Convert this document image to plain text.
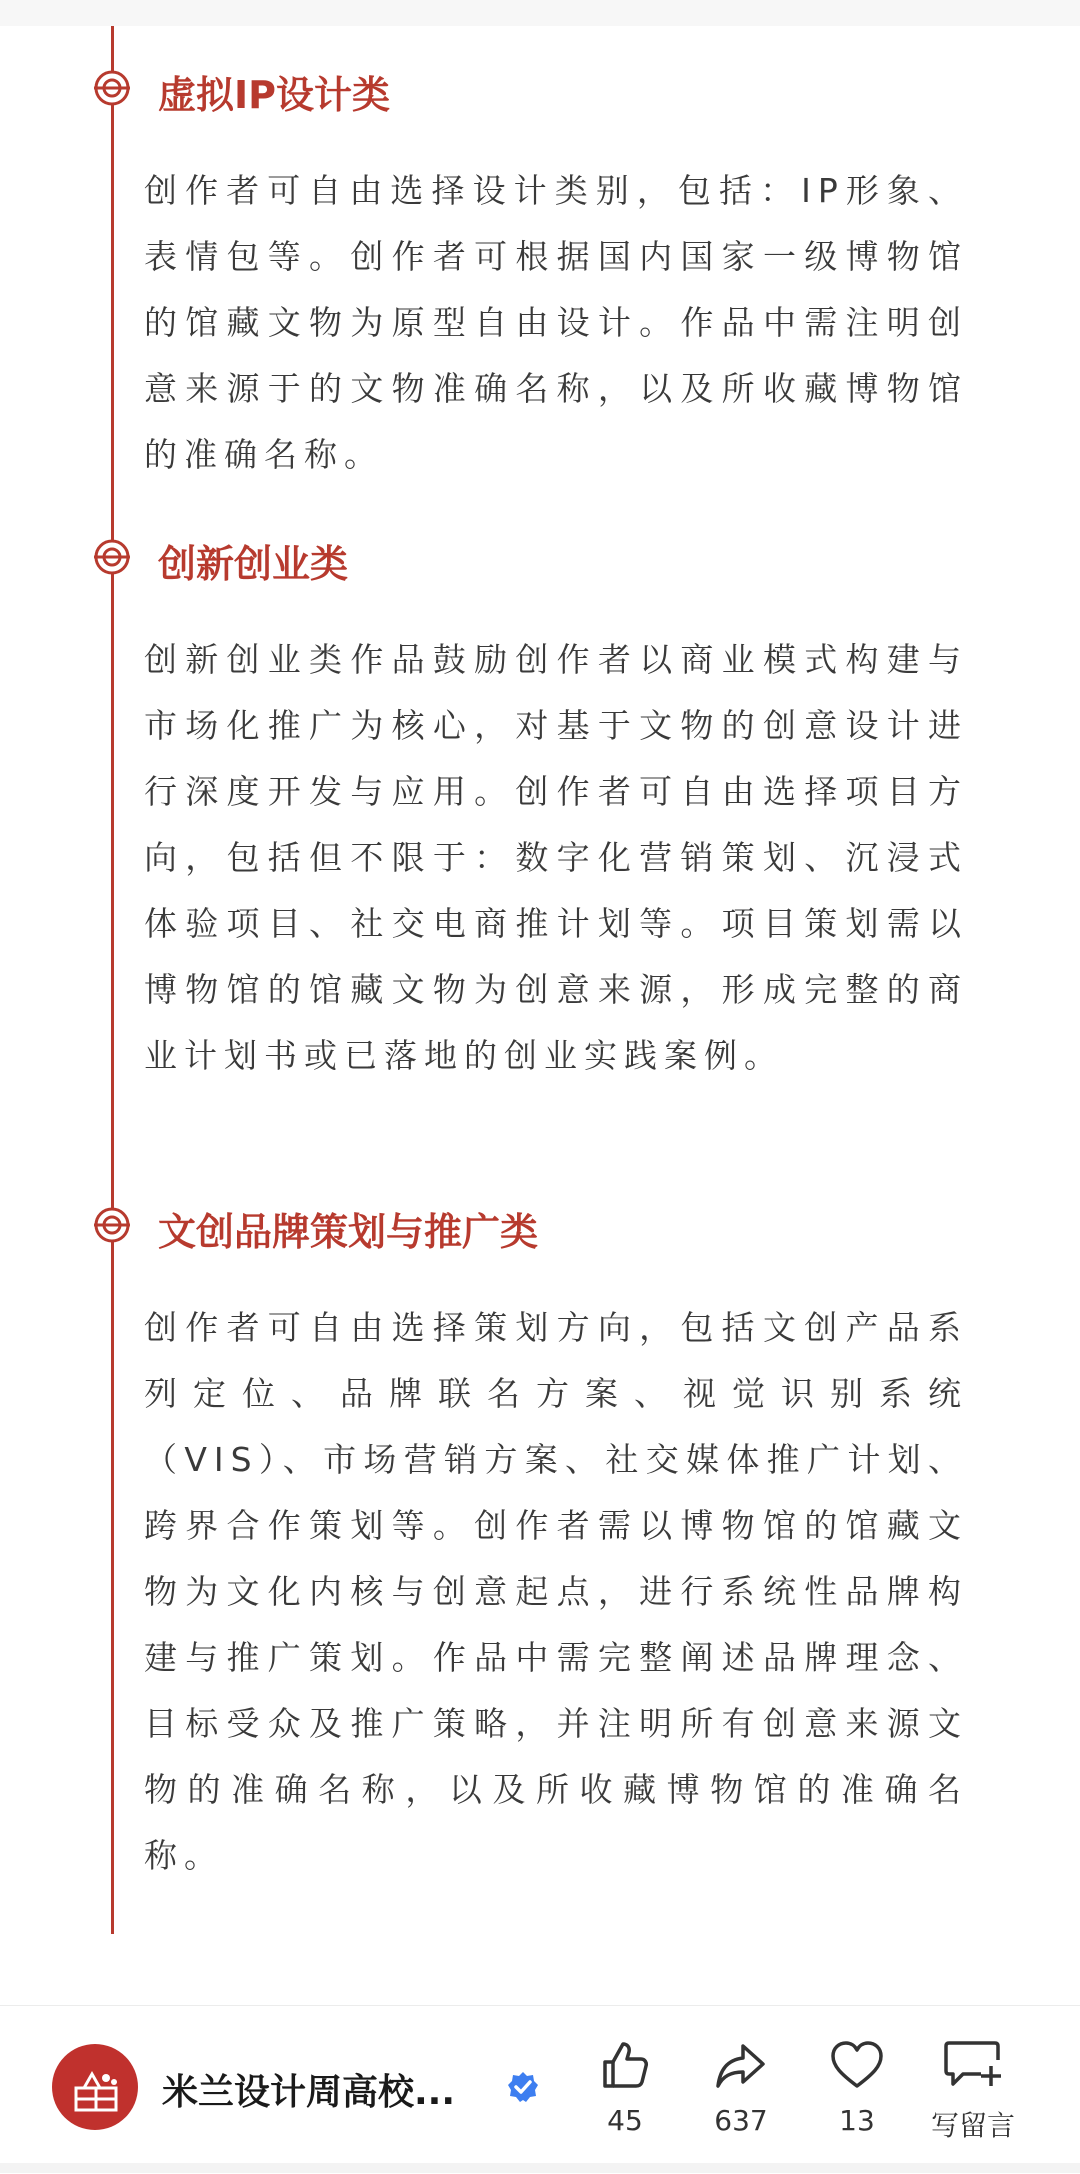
虚拟IP设计类
创作者可自由选择设计类别，包括：IP形象、表情包等。创作者可根据国内国家一级博物馆的馆藏文物为原型自由设计。作品中需注明创意来源于的文物准确名称，以及所收藏博物馆的准确名称。
创新创业类
创新创业类作品鼓励创作者以商业模式构建与市场化推广为核心，对基于文物的创意设计进行深度开发与应用。创作者可自由选择项目方向，包括但不限于：数字化营销策划、沉浸式体验项目、社交电商推计划等。项目策划需以博物馆的馆藏文物为创意来源，形成完整的商业计划书或已落地的创业实践案例。
文创品牌策划与推广类
创作者可自由选择策划方向，包括文创产品系列定位、品牌联名方案、视觉识别系统（VIS）、市场营销方案、社交媒体推广计划、跨界合作策划等。创作者需以博物馆的馆藏文物为文化内核与创意起点，进行系统性品牌构建与推广策划。作品中需完整阐述品牌理念、目标受众及推广策略，并注明所有创意来源文物的准确名称，以及所收藏博物馆的准确名称。
米兰设计周高校...
45	637	13	写留言
